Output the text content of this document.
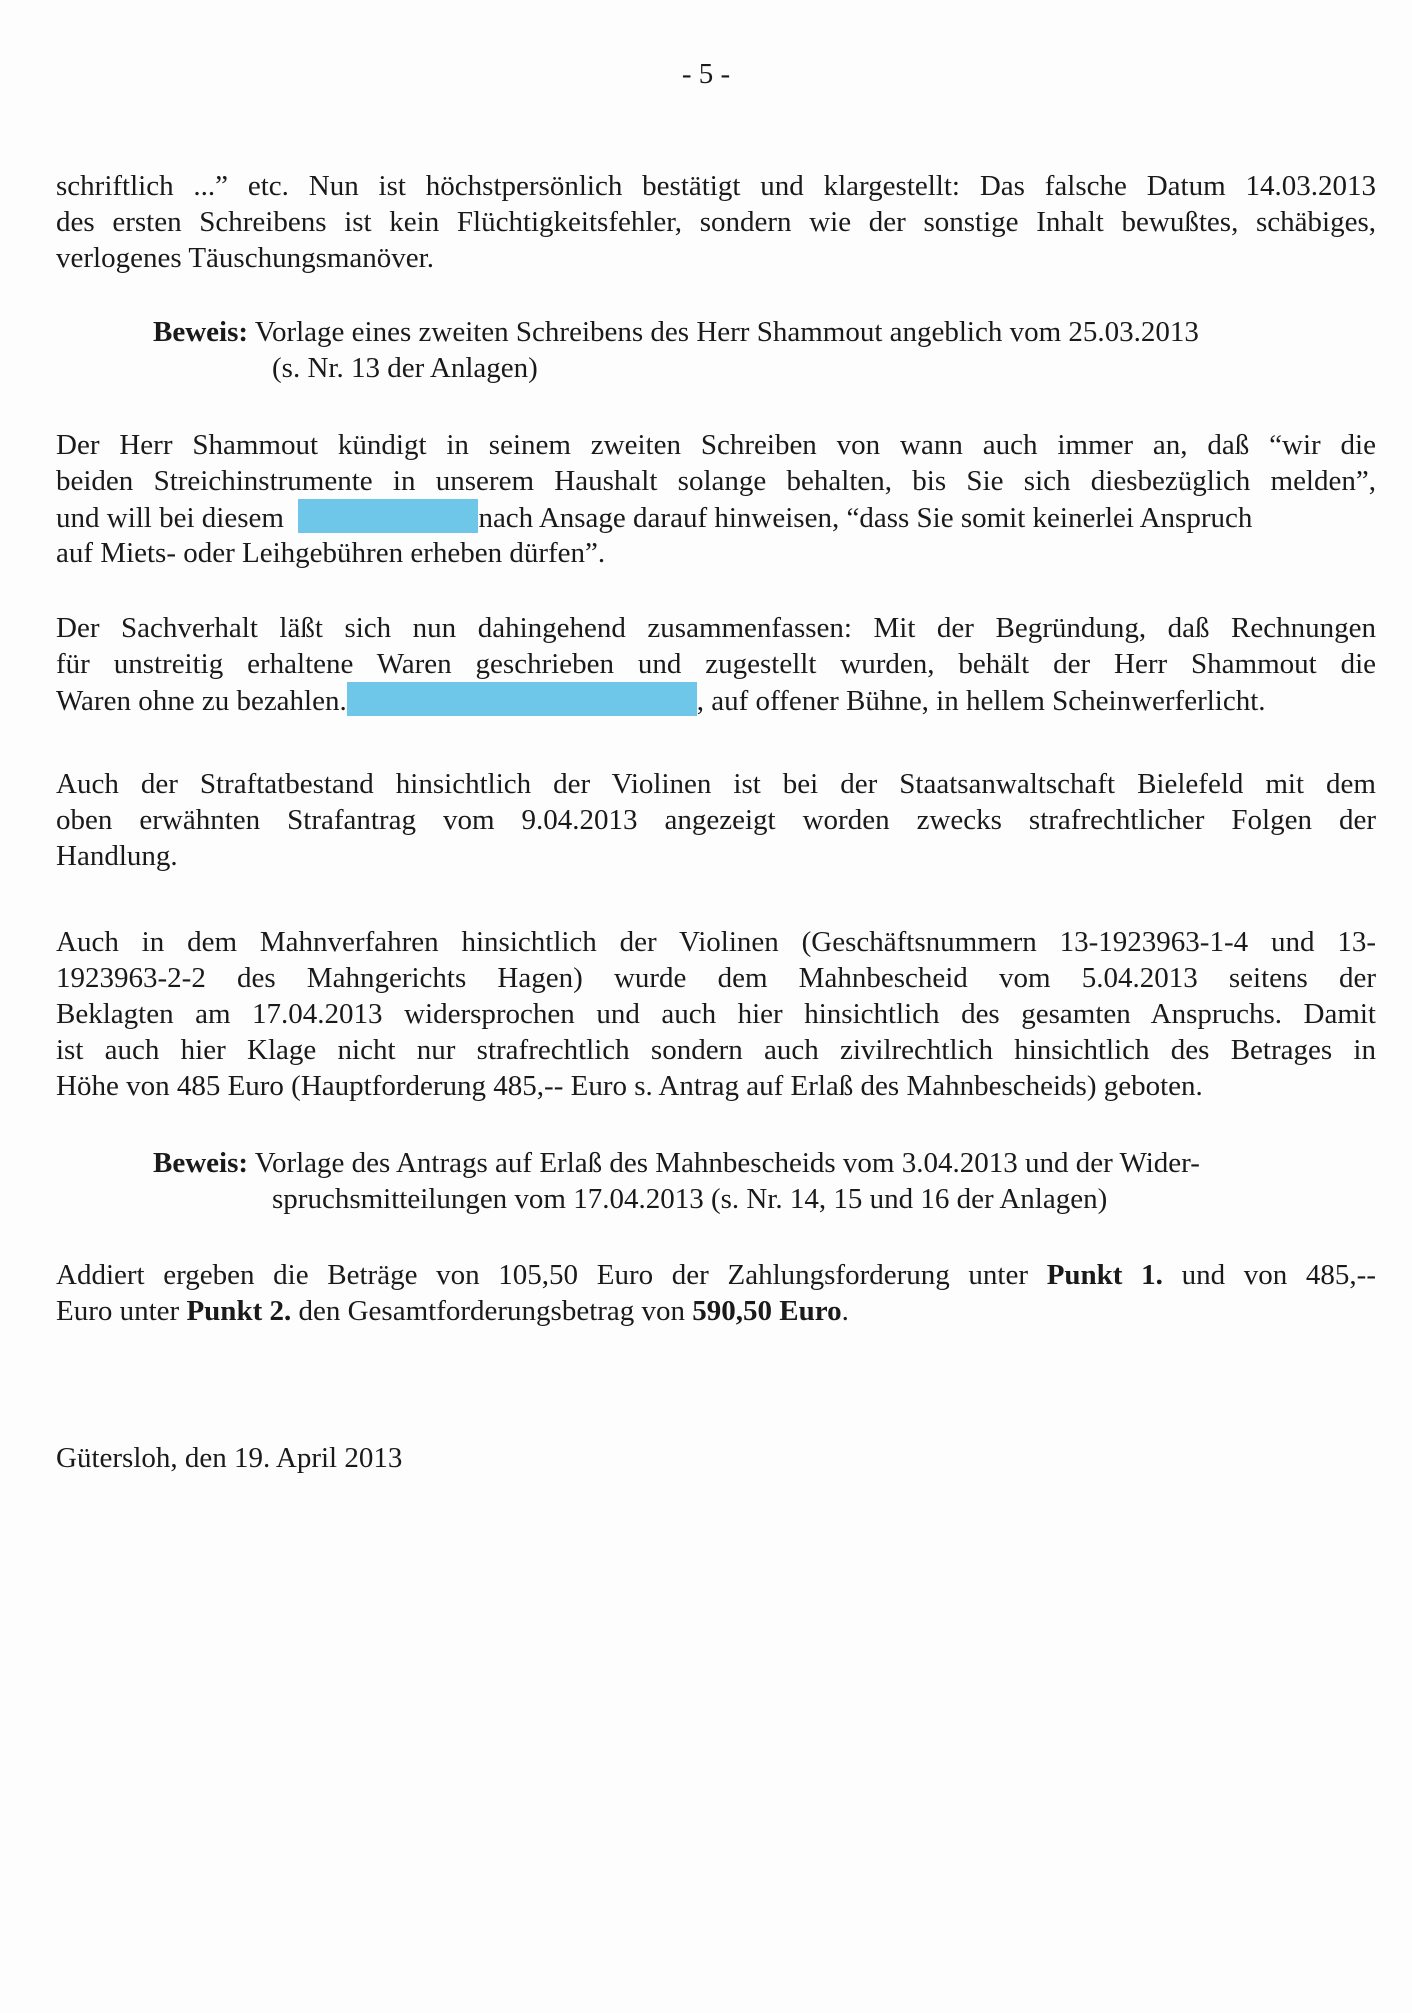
- 5 -
schriftlich ...” etc. Nun ist höchstpersönlich bestätigt und klargestellt: Das falsche Datum 14.03.2013
des ersten Schreibens ist kein Flüchtigkeitsfehler, sondern wie der sonstige Inhalt bewußtes, schäbiges,
verlogenes Täuschungsmanöver.
Beweis: Vorlage eines zweiten Schreibens des Herr Shammout angeblich vom 25.03.2013
(s. Nr. 13 der Anlagen)
Der Herr Shammout kündigt in seinem zweiten Schreiben von wann auch immer an, daß “wir die
beiden Streichinstrumente in unserem Haushalt solange behalten, bis Sie sich diesbezüglich melden”,
und will bei diesem	nach Ansage darauf hinweisen, “dass Sie somit keinerlei Anspruch
auf Miets- oder Leihgebühren erheben dürfen”.
Der Sachverhalt läßt sich nun dahingehend zusammenfassen: Mit der Begründung, daß Rechnungen
für unstreitig erhaltene Waren geschrieben und zugestellt wurden, behält der Herr Shammout die
Waren ohne zu bezahlen.	, auf offener Bühne, in hellem Scheinwerferlicht.
Auch der Straftatbestand hinsichtlich der Violinen ist bei der Staatsanwaltschaft Bielefeld mit dem
oben erwähnten Strafantrag vom 9.04.2013 angezeigt worden zwecks strafrechtlicher Folgen der
Handlung.
Auch in dem Mahnverfahren hinsichtlich der Violinen (Geschäftsnummern 13-1923963-1-4 und 13-
1923963-2-2 des Mahngerichts Hagen) wurde dem Mahnbescheid vom 5.04.2013 seitens der
Beklagten am 17.04.2013 widersprochen und auch hier hinsichtlich des gesamten Anspruchs. Damit
ist auch hier Klage nicht nur strafrechtlich sondern auch zivilrechtlich hinsichtlich des Betrages in
Höhe von 485 Euro (Hauptforderung 485,-- Euro s. Antrag auf Erlaß des Mahnbescheids) geboten.
Beweis: Vorlage des Antrags auf Erlaß des Mahnbescheids vom 3.04.2013 und der Wider-
spruchsmitteilungen vom 17.04.2013 (s. Nr. 14, 15 und 16 der Anlagen)
Addiert ergeben die Beträge von 105,50 Euro der Zahlungsforderung unter Punkt 1. und von 485,--
Euro unter Punkt 2. den Gesamtforderungsbetrag von 590,50 Euro.
Gütersloh, den 19. April 2013
